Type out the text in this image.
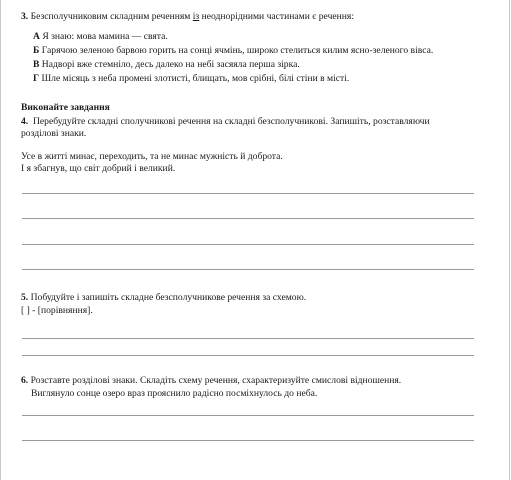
3. Безсполучниковим складним реченням із неоднорідними частинами є речення:
А Я знаю: мова мамина — свята.
Б Гарячою зеленою барвою горить на сонці ячмінь, широко стелиться килим ясно-зеленого вівса.
В Надворі вже стемніло, десь далеко на небі засяяла перша зірка.
Г Шле місяць з неба промені злотисті, блищать, мов срібні, білі стіни в місті.
Виконайте завдання
4. Перебудуйте складні сполучникові речення на складні безсполучникові. Запишіть, розставляючи
розділові знаки.
Усе в житті минає, переходить, та не минає мужність й доброта.
І я збагнув, що світ добрий і великий.
5. Побудуйте і запишіть складне безсполучникове речення за схемою.
[ ] - [порівняння].
6. Розставте розділові знаки. Складіть схему речення, схарактеризуйте смислові відношення.
Виглянуло сонце озеро враз прояснило радісно посміхнулось до неба.
